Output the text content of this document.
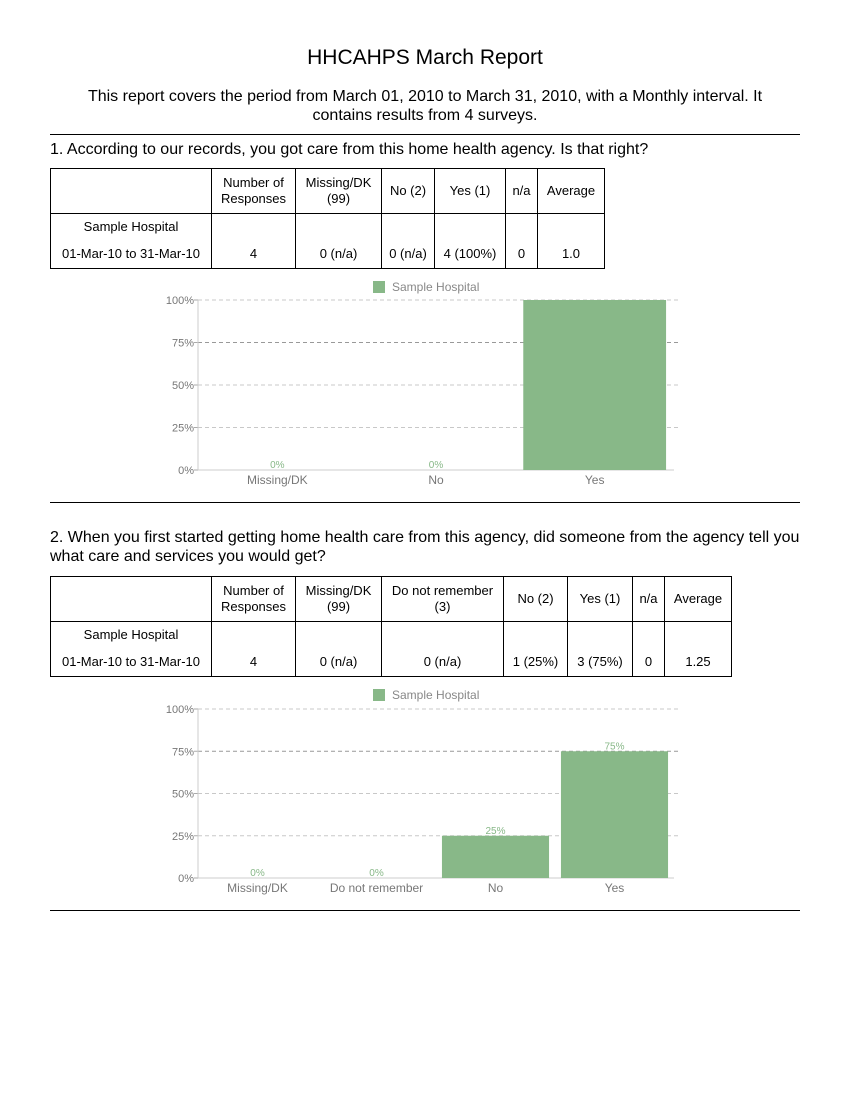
HHCAHPS March Report
This report covers the period from March 01, 2010 to March 31, 2010, with a Monthly interval. It contains results from 4 surveys.
1. According to our records, you got care from this home health agency. Is that right?
	Number of Responses	Missing/DK (99)	No (2)	Yes (1)	n/a	Average
Sample Hospital						
01-Mar-10 to 31-Mar-10	4	0 (n/a)	0 (n/a)	4 (100%)	0	1.0
Sample Hospital
0%
25%
50%
75%
100%
0%
Missing/DK
0%
No	Yes
2. When you first started getting home health care from this agency, did someone from the agency tell you what care and services you would get?
	Number of Responses	Missing/DK (99)	Do not remember (3)	No (2)	Yes (1)	n/a	Average
Sample Hospital							
01-Mar-10 to 31-Mar-10	4	0 (n/a)	0 (n/a)	1 (25%)	3 (75%)	0	1.25
Sample Hospital
0%
25%
50%
75%
100%
0%
Missing/DK
0%
Do not remember
25%
No
75%
Yes
